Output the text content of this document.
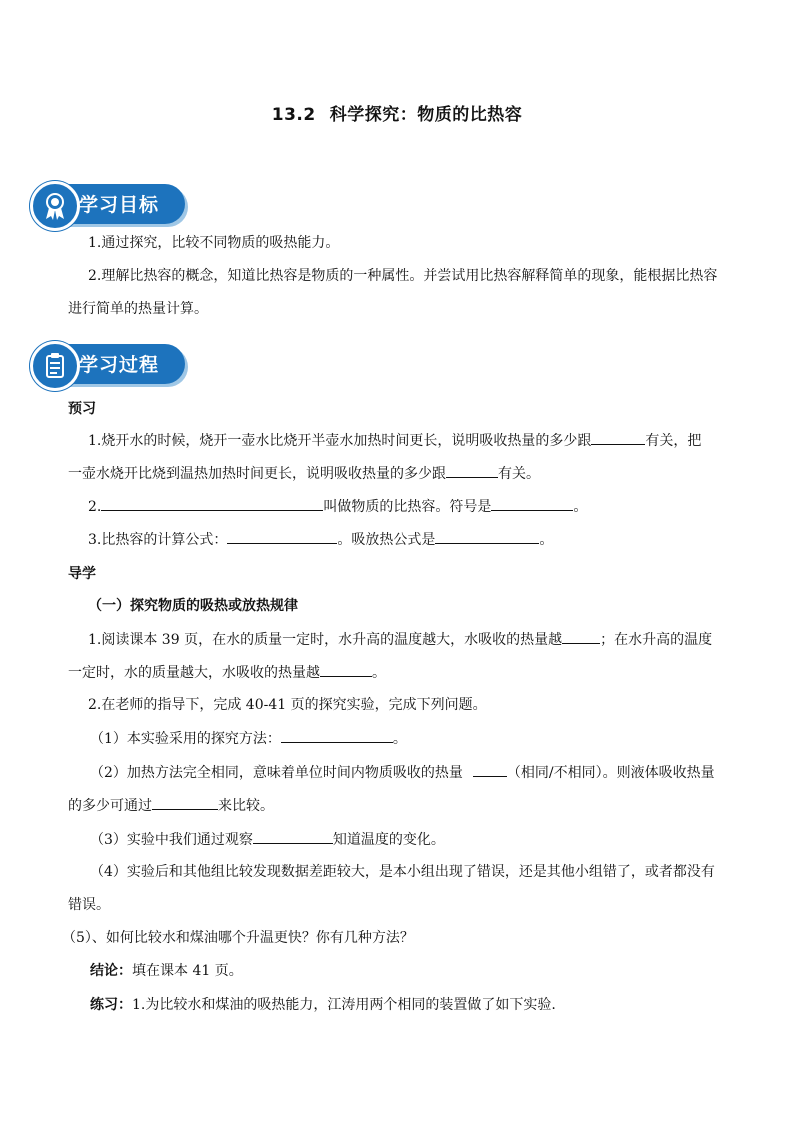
13.2 科学探究：物质的比热容
学习目标
1.通过探究，比较不同物质的吸热能力。
2.理解比热容的概念，知道比热容是物质的一种属性。并尝试用比热容解释简单的现象，能根据比热容
进行简单的热量计算。
学习过程
预习
1.烧开水的时候，烧开一壶水比烧开半壶水加热时间更长，说明吸收热量的多少跟	有关，把
一壶水烧开比烧到温热加热时间更长，说明吸收热量的多少跟	有关。
2.	叫做物质的比热容。符号是	。
3.比热容的计算公式：	。吸放热公式是	。
导学
（一）探究物质的吸热或放热规律
1.阅读课本 39 页，在水的质量一定时，水升高的温度越大，水吸收的热量越	；在水升高的温度
一定时，水的质量越大，水吸收的热量越	。
2.在老师的指导下，完成 40-41 页的探究实验，完成下列问题。
（1）本实验采用的探究方法：	。
（2）加热方法完全相同，意味着单位时间内物质吸收的热量	（相同/不相同）。则液体吸收热量
的多少可通过	来比较。
（3）实验中我们通过观察	知道温度的变化。
（4）实验后和其他组比较发现数据差距较大，是本小组出现了错误，还是其他小组错了，或者都没有
错误。
（5）、如何比较水和煤油哪个升温更快？你有几种方法？
结论：填在课本 41 页。
练习：1.为比较水和煤油的吸热能力，江涛用两个相同的装置做了如下实验.
